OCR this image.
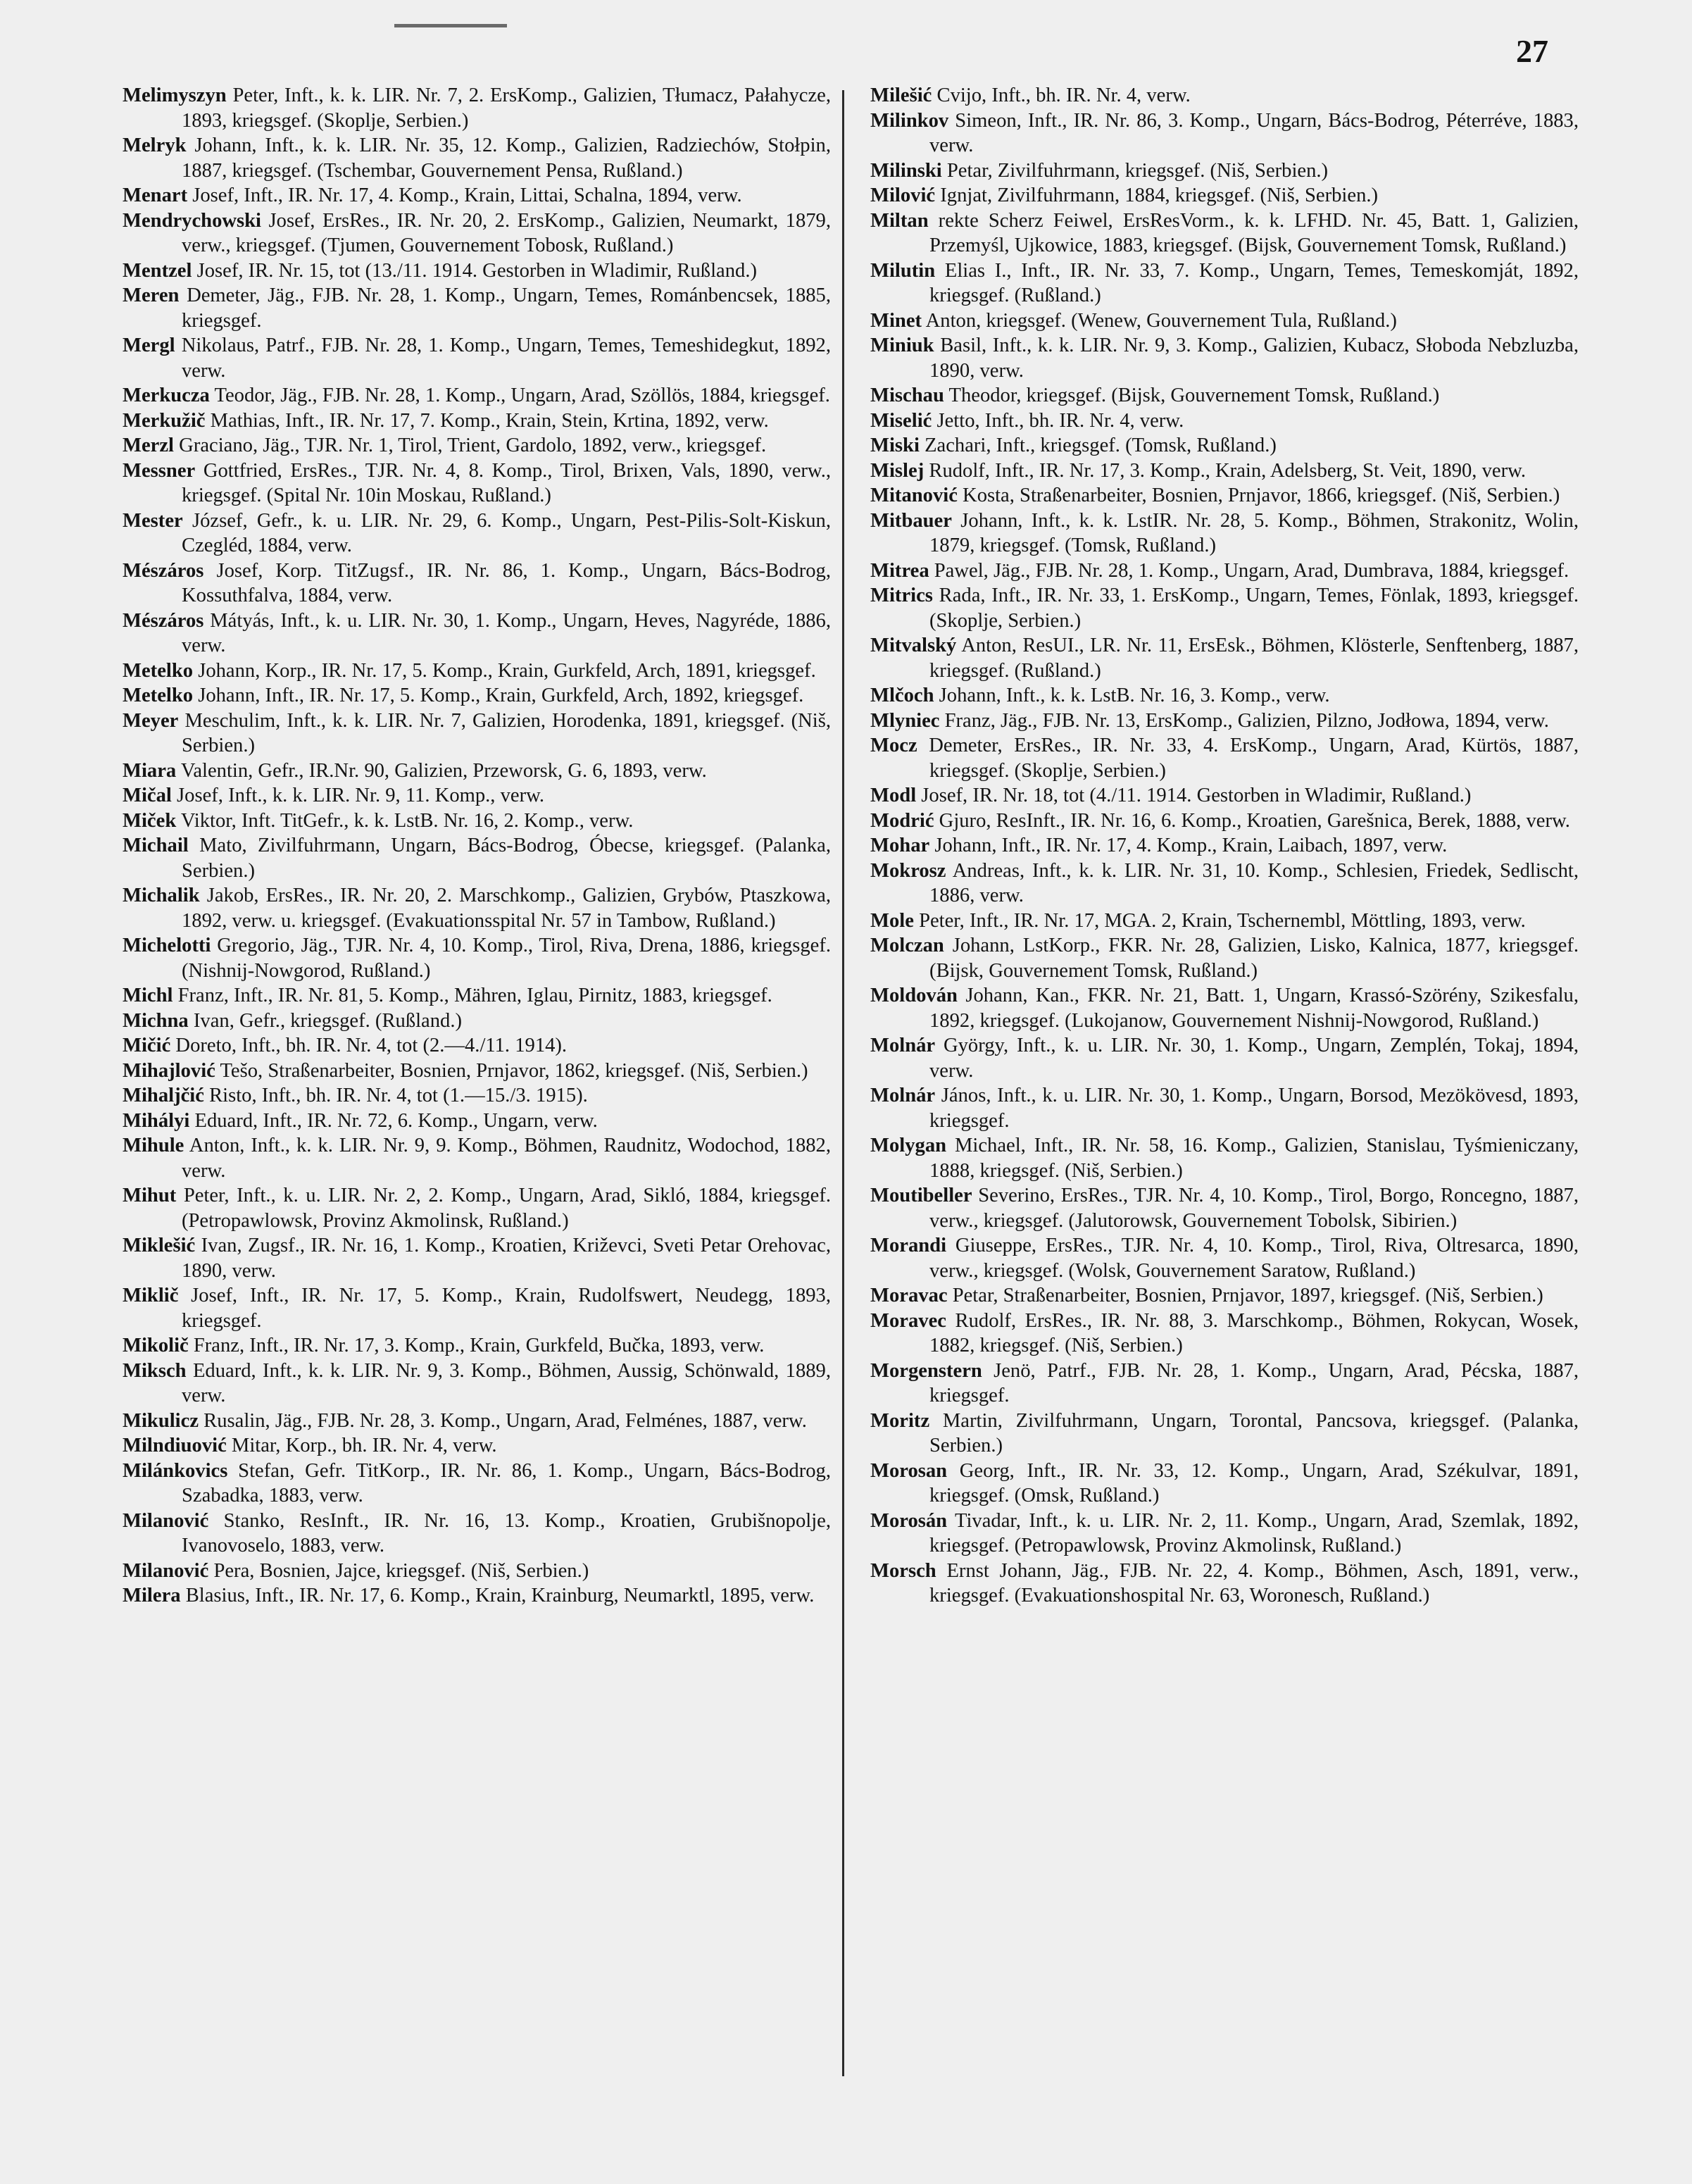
27
Melimyszyn Peter, Inft., k. k. LIR. Nr. 7, 2. ErsKomp., Galizien, Tłumacz, Pałahycze, 1893, kriegsgef. (Skoplje, Serbien.)
Melryk Johann, Inft., k. k. LIR. Nr. 35, 12. Komp., Galizien, Radziechów, Stołpin, 1887, kriegsgef. (Tschembar, Gouvernement Pensa, Rußland.)
Menart Josef, Inft., IR. Nr. 17, 4. Komp., Krain, Littai, Schalna, 1894, verw.
Mendrychowski Josef, ErsRes., IR. Nr. 20, 2. ErsKomp., Galizien, Neumarkt, 1879, verw., kriegsgef. (Tjumen, Gouvernement Tobosk, Rußland.)
Mentzel Josef, IR. Nr. 15, tot (13./11. 1914. Gestorben in Wladimir, Rußland.)
Meren Demeter, Jäg., FJB. Nr. 28, 1. Komp., Ungarn, Temes, Románbencsek, 1885, kriegsgef.
Mergl Nikolaus, Patrf., FJB. Nr. 28, 1. Komp., Ungarn, Temes, Temeshidegkut, 1892, verw.
Merkucza Teodor, Jäg., FJB. Nr. 28, 1. Komp., Ungarn, Arad, Szöllös, 1884, kriegsgef.
Merkužič Mathias, Inft., IR. Nr. 17, 7. Komp., Krain, Stein, Krtina, 1892, verw.
Merzl Graciano, Jäg., TJR. Nr. 1, Tirol, Trient, Gardolo, 1892, verw., kriegsgef.
Messner Gottfried, ErsRes., TJR. Nr. 4, 8. Komp., Tirol, Brixen, Vals, 1890, verw., kriegsgef. (Spital Nr. 10in Moskau, Rußland.)
Mester József, Gefr., k. u. LIR. Nr. 29, 6. Komp., Ungarn, Pest-Pilis-Solt-Kiskun, Czegléd, 1884, verw.
Mészáros Josef, Korp. TitZugsf., IR. Nr. 86, 1. Komp., Ungarn, Bács-Bodrog, Kossuthfalva, 1884, verw.
Mészáros Mátyás, Inft., k. u. LIR. Nr. 30, 1. Komp., Ungarn, Heves, Nagyréde, 1886, verw.
Metelko Johann, Korp., IR. Nr. 17, 5. Komp., Krain, Gurkfeld, Arch, 1891, kriegsgef.
Metelko Johann, Inft., IR. Nr. 17, 5. Komp., Krain, Gurkfeld, Arch, 1892, kriegsgef.
Meyer Meschulim, Inft., k. k. LIR. Nr. 7, Galizien, Horodenka, 1891, kriegsgef. (Niš, Serbien.)
Miara Valentin, Gefr., IR.Nr. 90, Galizien, Przeworsk, G. 6, 1893, verw.
Mičal Josef, Inft., k. k. LIR. Nr. 9, 11. Komp., verw.
Miček Viktor, Inft. TitGefr., k. k. LstB. Nr. 16, 2. Komp., verw.
Michail Mato, Zivilfuhrmann, Ungarn, Bács-Bodrog, Óbecse, kriegsgef. (Palanka, Serbien.)
Michalik Jakob, ErsRes., IR. Nr. 20, 2. Marschkomp., Galizien, Grybów, Ptaszkowa, 1892, verw. u. kriegsgef. (Evakuationsspital Nr. 57 in Tambow, Rußland.)
Michelotti Gregorio, Jäg., TJR. Nr. 4, 10. Komp., Tirol, Riva, Drena, 1886, kriegsgef. (Nishnij-Nowgorod, Rußland.)
Michl Franz, Inft., IR. Nr. 81, 5. Komp., Mähren, Iglau, Pirnitz, 1883, kriegsgef.
Michna Ivan, Gefr., kriegsgef. (Rußland.)
Mičić Doreto, Inft., bh. IR. Nr. 4, tot (2.—4./11. 1914).
Mihajlović Tešo, Straßenarbeiter, Bosnien, Prnjavor, 1862, kriegsgef. (Niš, Serbien.)
Mihaljčić Risto, Inft., bh. IR. Nr. 4, tot (1.—15./3. 1915).
Mihályi Eduard, Inft., IR. Nr. 72, 6. Komp., Ungarn, verw.
Mihule Anton, Inft., k. k. LIR. Nr. 9, 9. Komp., Böhmen, Raudnitz, Wodochod, 1882, verw.
Mihut Peter, Inft., k. u. LIR. Nr. 2, 2. Komp., Ungarn, Arad, Sikló, 1884, kriegsgef. (Petropawlowsk, Provinz Akmolinsk, Rußland.)
Miklešić Ivan, Zugsf., IR. Nr. 16, 1. Komp., Kroatien, Križevci, Sveti Petar Orehovac, 1890, verw.
Miklič Josef, Inft., IR. Nr. 17, 5. Komp., Krain, Rudolfswert, Neudegg, 1893, kriegsgef.
Mikolič Franz, Inft., IR. Nr. 17, 3. Komp., Krain, Gurkfeld, Bučka, 1893, verw.
Miksch Eduard, Inft., k. k. LIR. Nr. 9, 3. Komp., Böhmen, Aussig, Schönwald, 1889, verw.
Mikulicz Rusalin, Jäg., FJB. Nr. 28, 3. Komp., Ungarn, Arad, Felménes, 1887, verw.
Milndiuović Mitar, Korp., bh. IR. Nr. 4, verw.
Milánkovics Stefan, Gefr. TitKorp., IR. Nr. 86, 1. Komp., Ungarn, Bács-Bodrog, Szabadka, 1883, verw.
Milanović Stanko, ResInft., IR. Nr. 16, 13. Komp., Kroatien, Grubišnopolje, Ivanovoselo, 1883, verw.
Milanović Pera, Bosnien, Jajce, kriegsgef. (Niš, Serbien.)
Milera Blasius, Inft., IR. Nr. 17, 6. Komp., Krain, Krainburg, Neumarktl, 1895, verw.
Milešić Cvijo, Inft., bh. IR. Nr. 4, verw.
Milinkov Simeon, Inft., IR. Nr. 86, 3. Komp., Ungarn, Bács-Bodrog, Péterréve, 1883, verw.
Milinski Petar, Zivilfuhrmann, kriegsgef. (Niš, Serbien.)
Milović Ignjat, Zivilfuhrmann, 1884, kriegsgef. (Niš, Serbien.)
Miltan rekte Scherz Feiwel, ErsResVorm., k. k. LFHD. Nr. 45, Batt. 1, Galizien, Przemyśl, Ujkowice, 1883, kriegsgef. (Bijsk, Gouvernement Tomsk, Rußland.)
Milutin Elias I., Inft., IR. Nr. 33, 7. Komp., Ungarn, Temes, Temeskomját, 1892, kriegsgef. (Rußland.)
Minet Anton, kriegsgef. (Wenew, Gouvernement Tula, Rußland.)
Miniuk Basil, Inft., k. k. LIR. Nr. 9, 3. Komp., Galizien, Kubacz, Słoboda Nebzluzba, 1890, verw.
Mischau Theodor, kriegsgef. (Bijsk, Gouvernement Tomsk, Rußland.)
Miselić Jetto, Inft., bh. IR. Nr. 4, verw.
Miski Zachari, Inft., kriegsgef. (Tomsk, Rußland.)
Mislej Rudolf, Inft., IR. Nr. 17, 3. Komp., Krain, Adelsberg, St. Veit, 1890, verw.
Mitanović Kosta, Straßenarbeiter, Bosnien, Prnjavor, 1866, kriegsgef. (Niš, Serbien.)
Mitbauer Johann, Inft., k. k. LstIR. Nr. 28, 5. Komp., Böhmen, Strakonitz, Wolin, 1879, kriegsgef. (Tomsk, Rußland.)
Mitrea Pawel, Jäg., FJB. Nr. 28, 1. Komp., Ungarn, Arad, Dumbrava, 1884, kriegsgef.
Mitrics Rada, Inft., IR. Nr. 33, 1. ErsKomp., Ungarn, Temes, Fönlak, 1893, kriegsgef. (Skoplje, Serbien.)
Mitvalský Anton, ResUI., LR. Nr. 11, ErsEsk., Böhmen, Klösterle, Senftenberg, 1887, kriegsgef. (Rußland.)
Mlčoch Johann, Inft., k. k. LstB. Nr. 16, 3. Komp., verw.
Mlyniec Franz, Jäg., FJB. Nr. 13, ErsKomp., Galizien, Pilzno, Jodłowa, 1894, verw.
Mocz Demeter, ErsRes., IR. Nr. 33, 4. ErsKomp., Ungarn, Arad, Kürtös, 1887, kriegsgef. (Skoplje, Serbien.)
Modl Josef, IR. Nr. 18, tot (4./11. 1914. Gestorben in Wladimir, Rußland.)
Modrić Gjuro, ResInft., IR. Nr. 16, 6. Komp., Kroatien, Garešnica, Berek, 1888, verw.
Mohar Johann, Inft., IR. Nr. 17, 4. Komp., Krain, Laibach, 1897, verw.
Mokrosz Andreas, Inft., k. k. LIR. Nr. 31, 10. Komp., Schlesien, Friedek, Sedlischt, 1886, verw.
Mole Peter, Inft., IR. Nr. 17, MGA. 2, Krain, Tschernembl, Möttling, 1893, verw.
Molczan Johann, LstKorp., FKR. Nr. 28, Galizien, Lisko, Kalnica, 1877, kriegsgef. (Bijsk, Gouvernement Tomsk, Rußland.)
Moldován Johann, Kan., FKR. Nr. 21, Batt. 1, Ungarn, Krassó-Szörény, Szikesfalu, 1892, kriegsgef. (Lukojanow, Gouvernement Nishnij-Nowgorod, Rußland.)
Molnár György, Inft., k. u. LIR. Nr. 30, 1. Komp., Ungarn, Zemplén, Tokaj, 1894, verw.
Molnár János, Inft., k. u. LIR. Nr. 30, 1. Komp., Ungarn, Borsod, Mezökövesd, 1893, kriegsgef.
Molygan Michael, Inft., IR. Nr. 58, 16. Komp., Galizien, Stanislau, Tyśmieniczany, 1888, kriegsgef. (Niš, Serbien.)
Moutibeller Severino, ErsRes., TJR. Nr. 4, 10. Komp., Tirol, Borgo, Roncegno, 1887, verw., kriegsgef. (Jalutorowsk, Gouvernement Tobolsk, Sibirien.)
Morandi Giuseppe, ErsRes., TJR. Nr. 4, 10. Komp., Tirol, Riva, Oltresarca, 1890, verw., kriegsgef. (Wolsk, Gouvernement Saratow, Rußland.)
Moravac Petar, Straßenarbeiter, Bosnien, Prnjavor, 1897, kriegsgef. (Niš, Serbien.)
Moravec Rudolf, ErsRes., IR. Nr. 88, 3. Marschkomp., Böhmen, Rokycan, Wosek, 1882, kriegsgef. (Niš, Serbien.)
Morgenstern Jenö, Patrf., FJB. Nr. 28, 1. Komp., Ungarn, Arad, Pécska, 1887, kriegsgef.
Moritz Martin, Zivilfuhrmann, Ungarn, Torontal, Pancsova, kriegsgef. (Palanka, Serbien.)
Morosan Georg, Inft., IR. Nr. 33, 12. Komp., Ungarn, Arad, Székulvar, 1891, kriegsgef. (Omsk, Rußland.)
Morosán Tivadar, Inft., k. u. LIR. Nr. 2, 11. Komp., Ungarn, Arad, Szemlak, 1892, kriegsgef. (Petropawlowsk, Provinz Akmolinsk, Rußland.)
Morsch Ernst Johann, Jäg., FJB. Nr. 22, 4. Komp., Böhmen, Asch, 1891, verw., kriegsgef. (Evakuationshospital Nr. 63, Woronesch, Rußland.)
